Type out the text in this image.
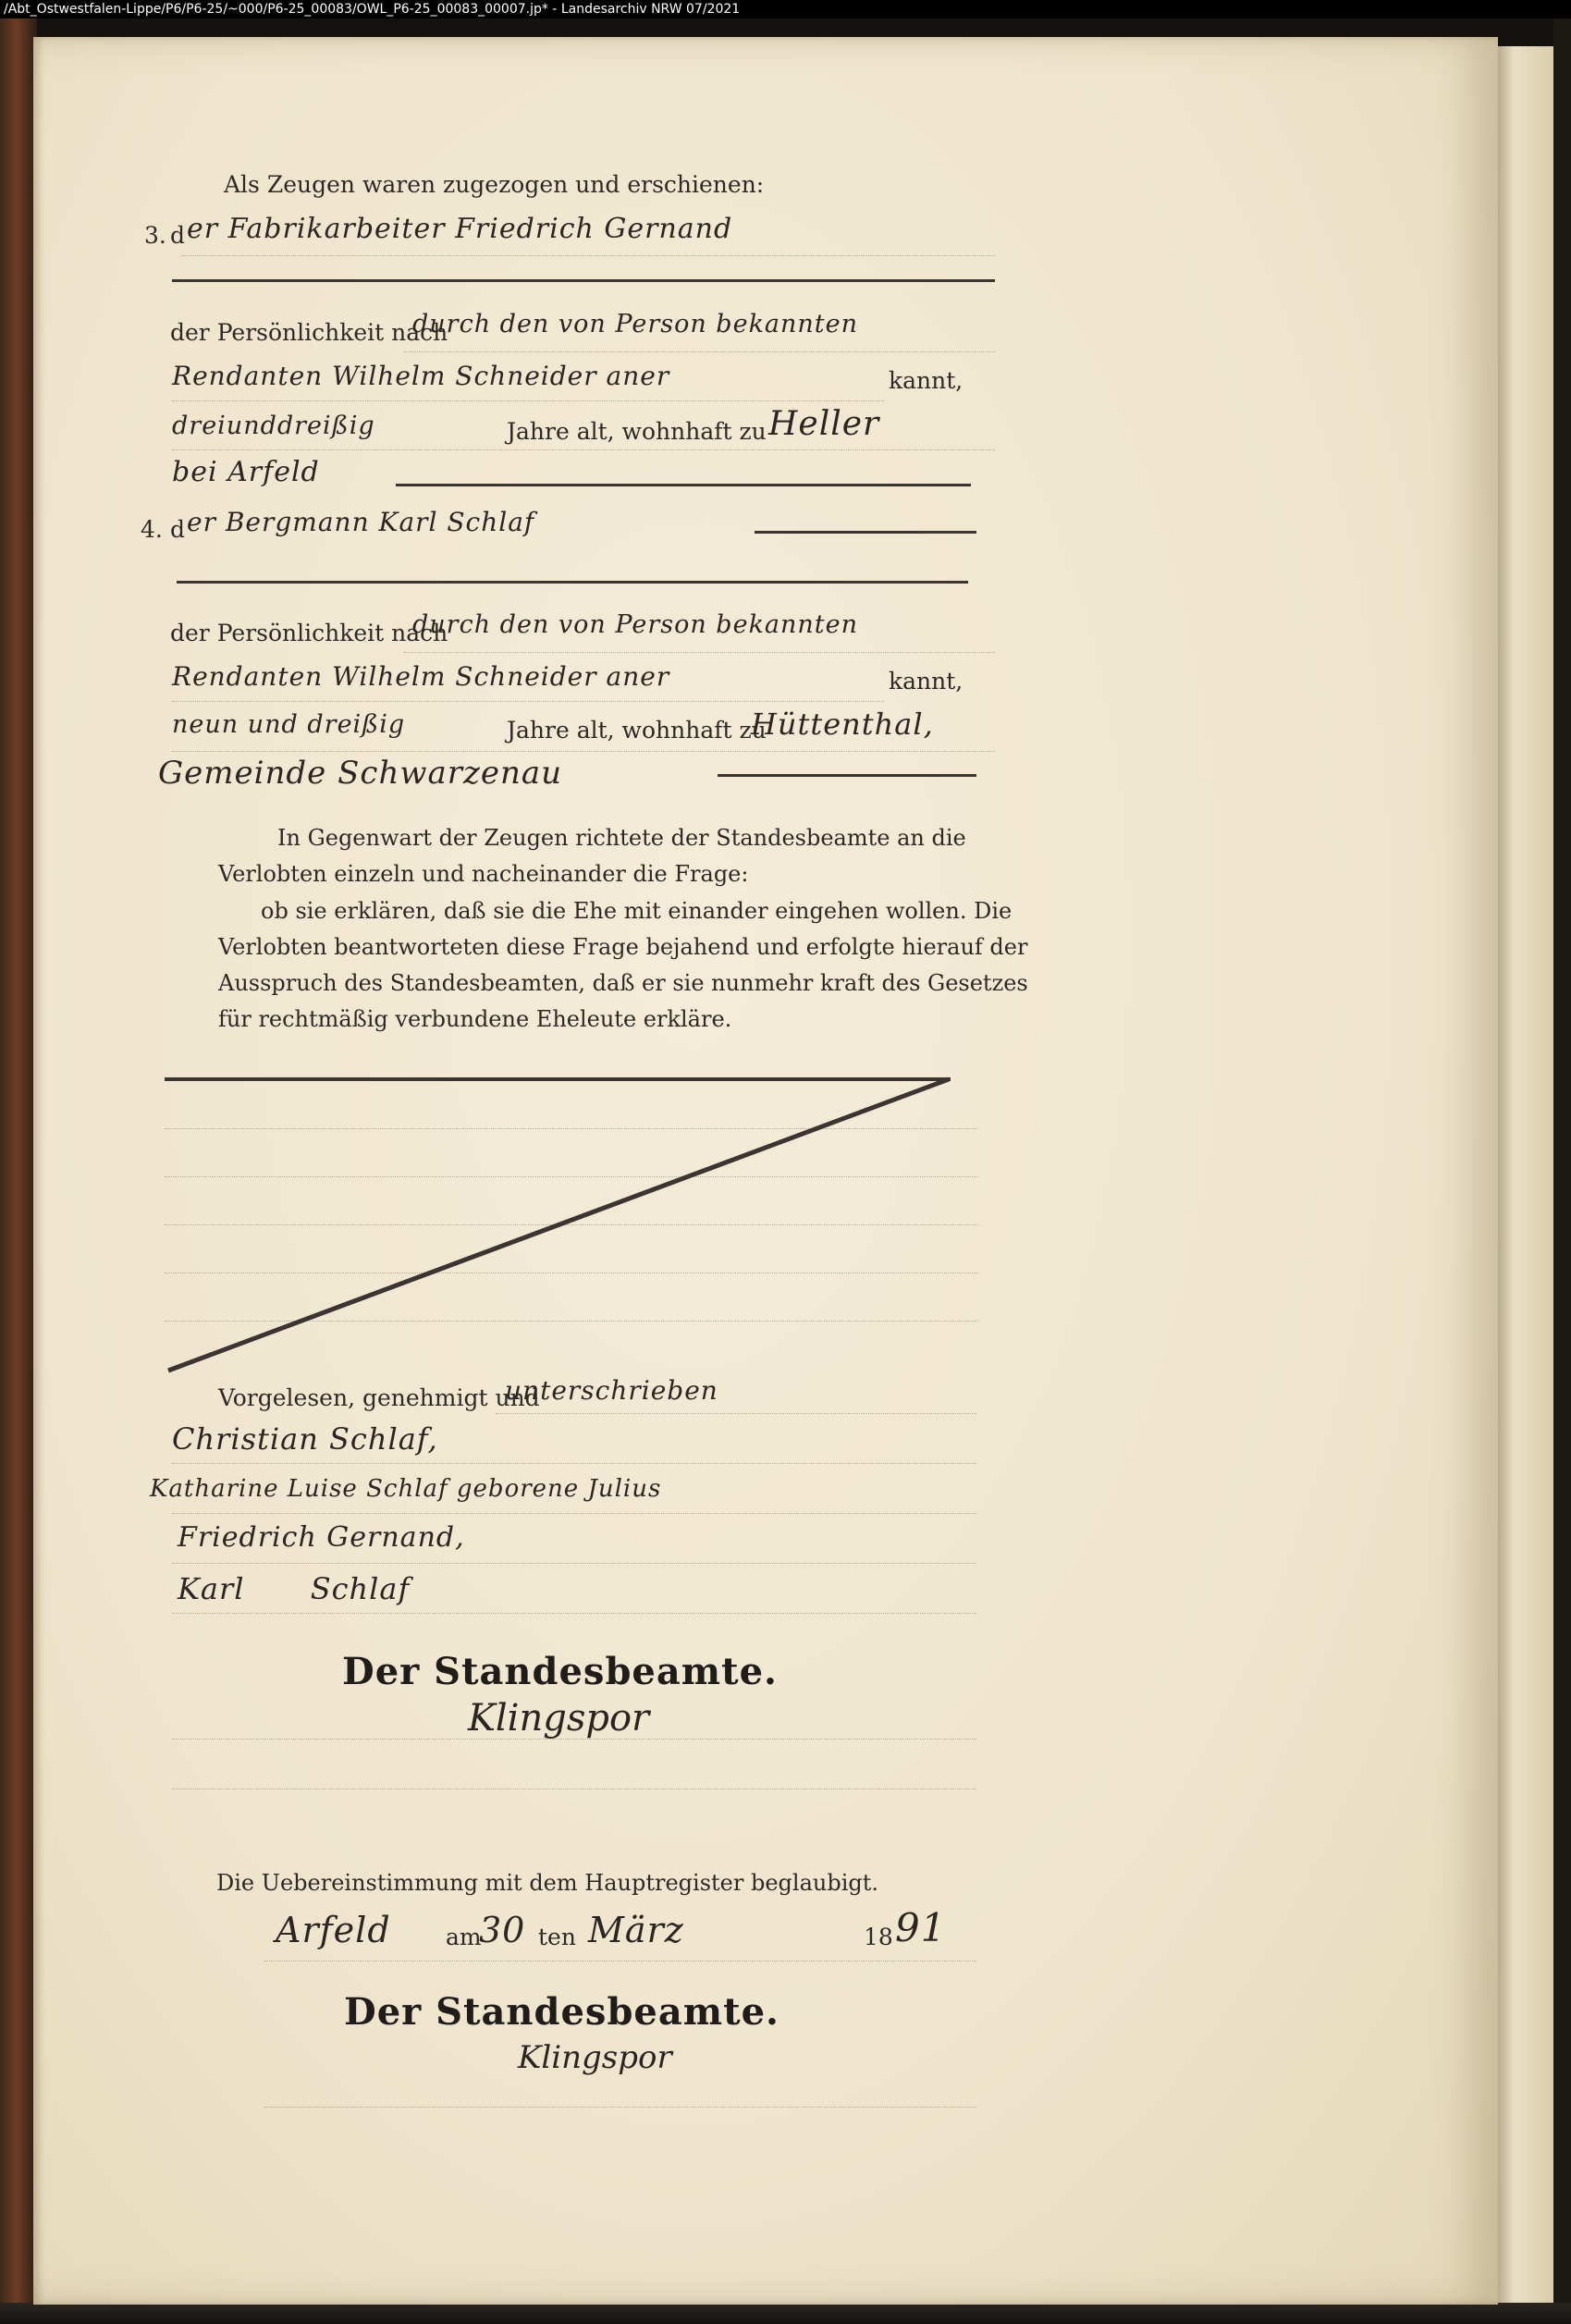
/Abt_Ostwestfalen-Lippe/P6/P6-25/~000/P6-25_00083/OWL_P6-25_00083_00007.jp* - Landesarchiv NRW 07/2021
Als Zeugen waren zugezogen und erschienen:
3. d er Fabrikarbeiter Friedrich Gernand
der Persönlichkeit nach
durch den von Person bekannten
Rendanten Wilhelm Schneider aner	kannt,
dreiunddreißig	Jahre alt, wohnhaft zu Heller
bei Arfeld
4. d er Bergmann Karl Schlaf
der Persönlichkeit nach
durch den von Person bekannten
Rendanten Wilhelm Schneider aner	kannt,
neun und dreißig	Jahre alt, wohnhaft zu
Hüttenthal,
Gemeinde Schwarzenau
In Gegenwart der Zeugen richtete der Standesbeamte an die
Verlobten einzeln und nacheinander die Frage:
ob sie erklären, daß sie die Ehe mit einander eingehen wollen. Die
Verlobten beantworteten diese Frage bejahend und erfolgte hierauf der
Ausspruch des Standesbeamten, daß er sie nunmehr kraft des Gesetzes
für rechtmäßig verbundene Eheleute erkläre.
Vorgelesen, genehmigt und
unterschrieben
Christian Schlaf,
Katharine Luise Schlaf geborene Julius
Friedrich Gernand,
Karl Schlaf
Der Standesbeamte.
Klingspor
Die Uebereinstimmung mit dem Hauptregister beglaubigt.
Arfeld am
30 ten März	18 91
Der Standesbeamte.
Klingspor
